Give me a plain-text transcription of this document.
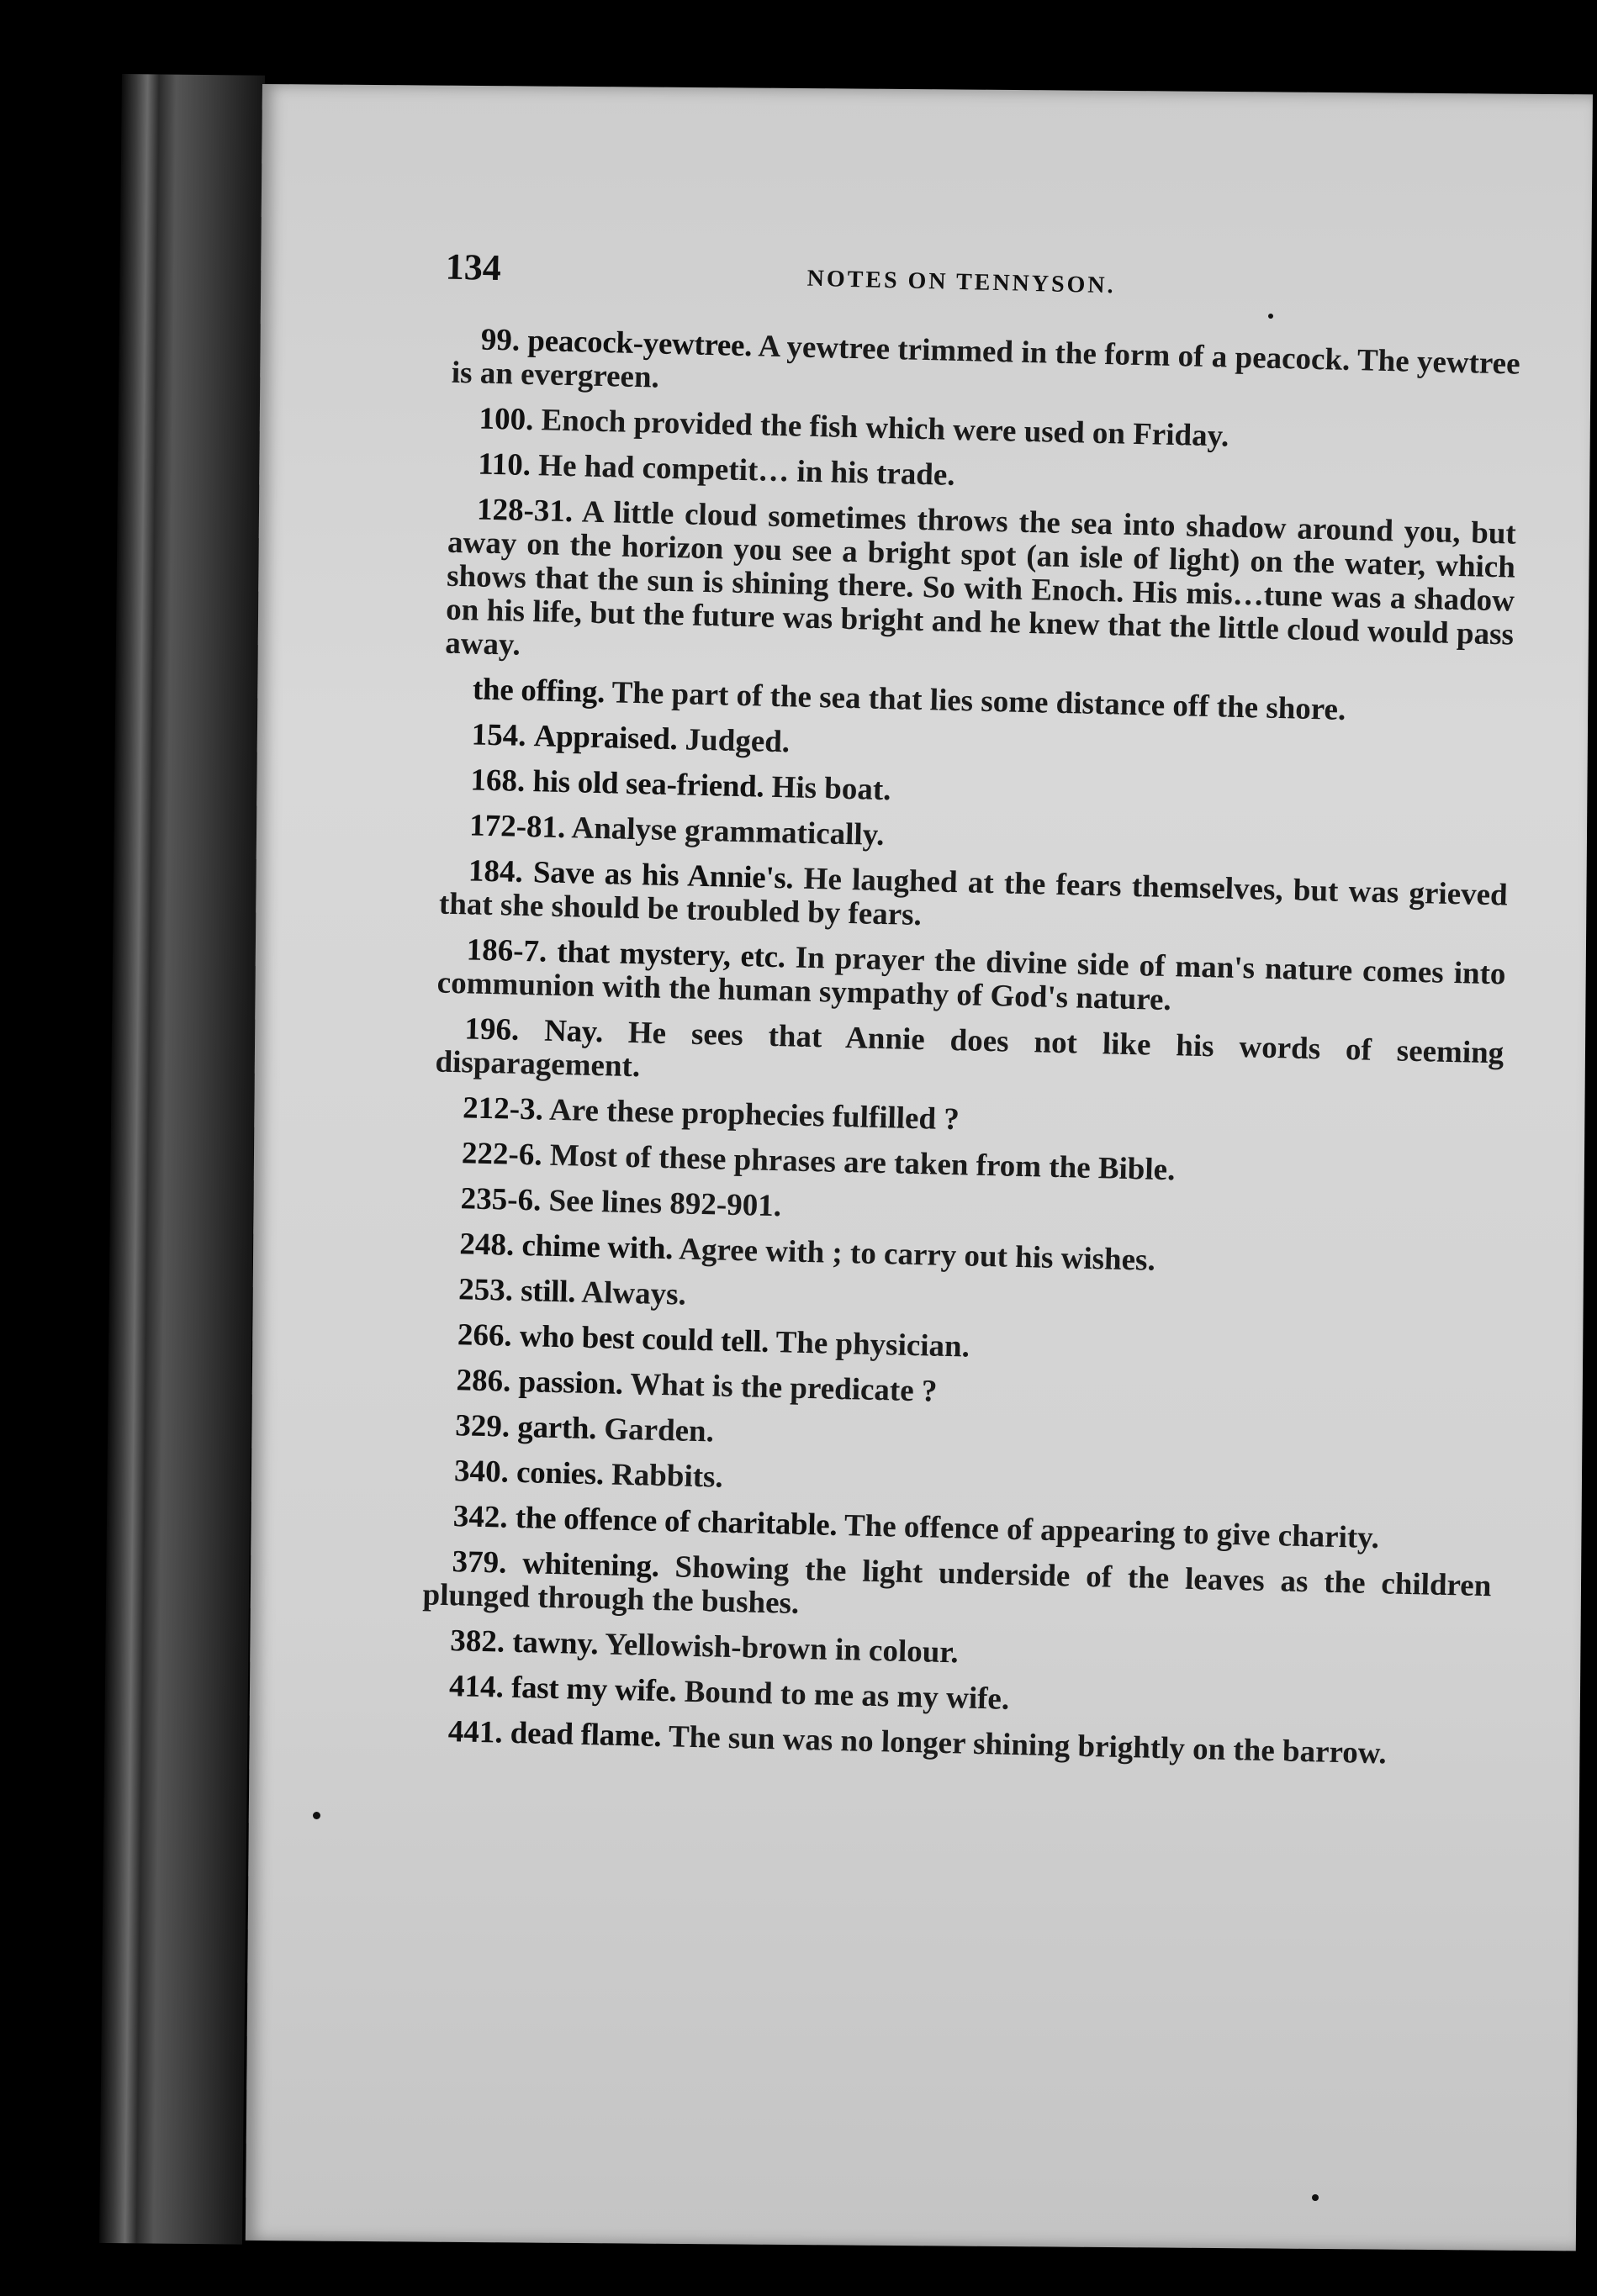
134	NOTES ON TENNYSON.

99. peacock-yewtree. A yewtree trimmed in the form of a peacock. The yewtree is an evergreen.

100. Enoch provided the fish which were used on Friday.

110. He had competit… in his trade.

128-31. A little cloud sometimes throws the sea into shadow around you, but away on the horizon you see a bright spot (an isle of light) on the water, which shows that the sun is shining there. So with Enoch. His mis…tune was a shadow on his life, but the future was bright and he knew that the little cloud would pass away.

the offing. The part of the sea that lies some distance off the shore.

154. Appraised. Judged.

168. his old sea-friend. His boat.

172-81. Analyse grammatically.

184. Save as his Annie's. He laughed at the fears themselves, but was grieved that she should be troubled by fears.

186-7. that mystery, etc. In prayer the divine side of man's nature comes into communion with the human sympathy of God's nature.

196. Nay. He sees that Annie does not like his words of seeming disparagement.

212-3. Are these prophecies fulfilled ?

222-6. Most of these phrases are taken from the Bible.

235-6. See lines 892-901.

248. chime with. Agree with ; to carry out his wishes.

253. still. Always.

266. who best could tell. The physician.

286. passion. What is the predicate ?

329. garth. Garden.

340. conies. Rabbits.

342. the offence of charitable. The offence of appearing to give charity.

379. whitening. Showing the light underside of the leaves as the children plunged through the bushes.

382. tawny. Yellowish-brown in colour.

414. fast my wife. Bound to me as my wife.

441. dead flame. The sun was no longer shining brightly on the barrow.
